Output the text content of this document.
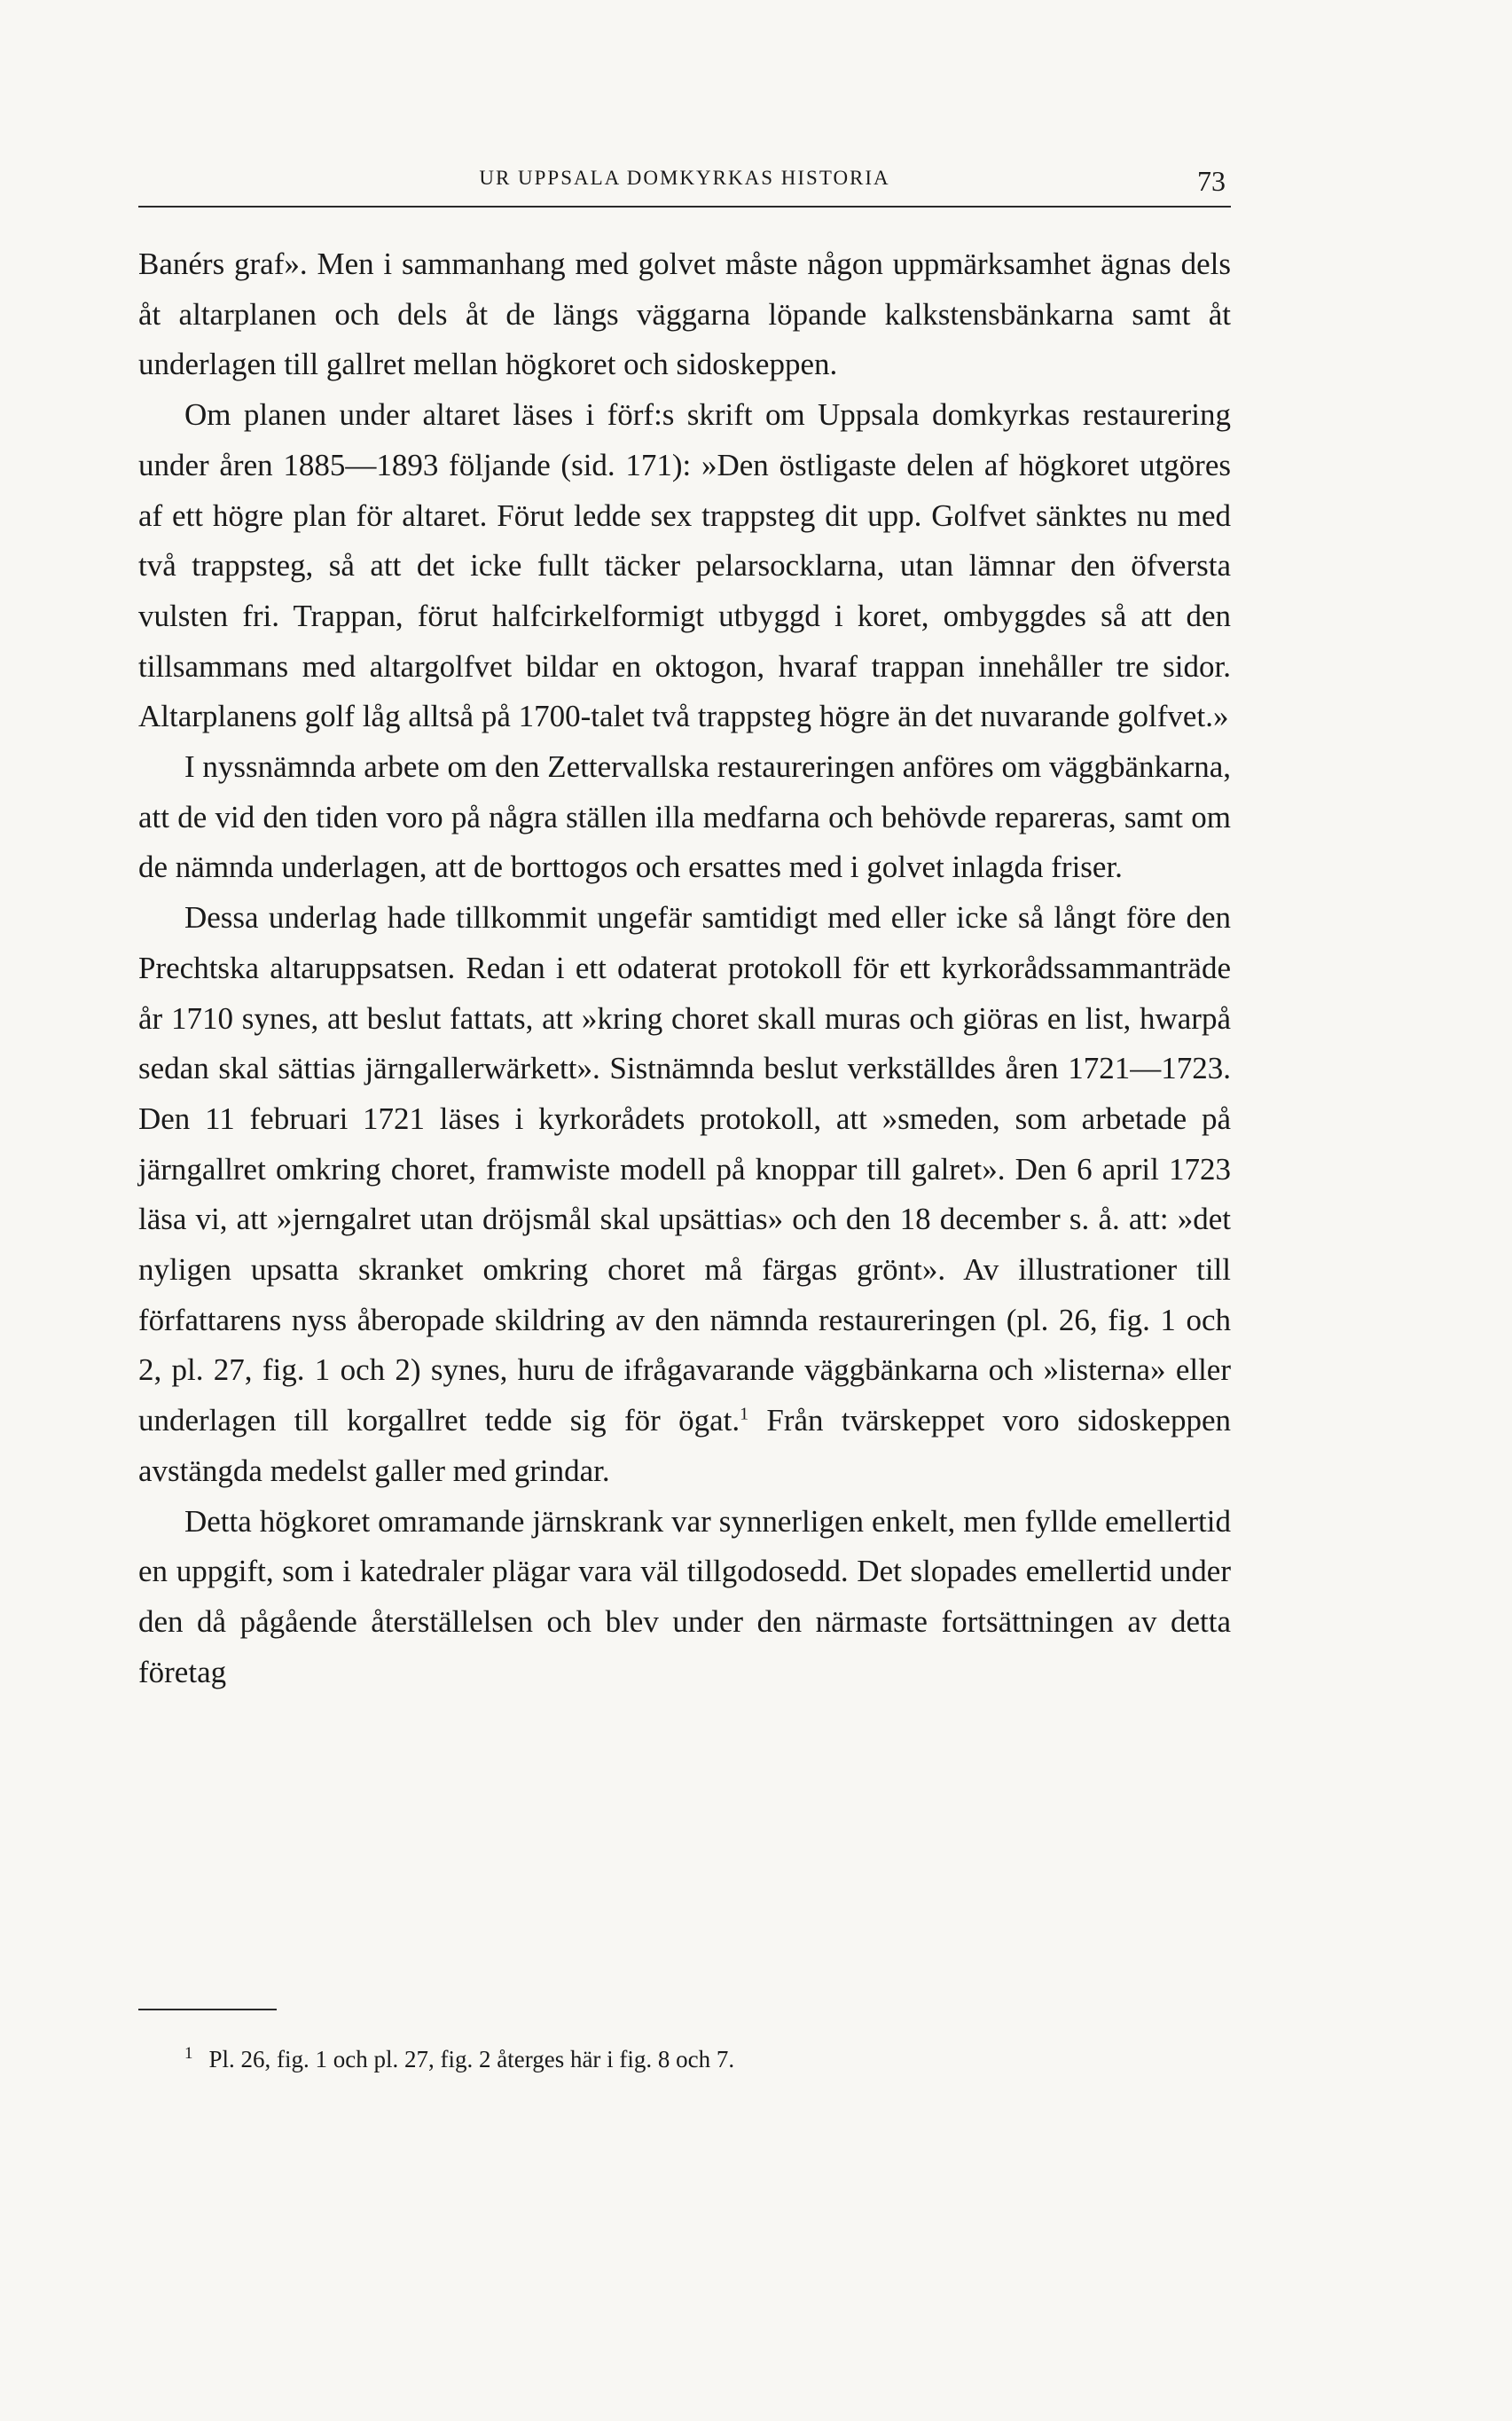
UR UPPSALA DOMKYRKAS HISTORIA	73

Banérs graf». Men i sammanhang med golvet måste någon uppmärksamhet ägnas dels åt altarplanen och dels åt de längs väggarna löpande kalkstensbänkarna samt åt underlagen till gallret mellan högkoret och sidoskeppen.

Om planen under altaret läses i förf:s skrift om Uppsala domkyrkas restaurering under åren 1885—1893 följande (sid. 171): »Den östligaste delen af högkoret utgöres af ett högre plan för altaret. Förut ledde sex trappsteg dit upp. Golfvet sänktes nu med två trappsteg, så att det icke fullt täcker pelarsocklarna, utan lämnar den öfversta vulsten fri. Trappan, förut halfcirkelformigt utbyggd i koret, ombyggdes så att den tillsammans med altargolfvet bildar en oktogon, hvaraf trappan innehåller tre sidor. Altarplanens golf låg alltså på 1700-talet två trappsteg högre än det nuvarande golfvet.»

I nyssnämnda arbete om den Zettervallska restaureringen anföres om väggbänkarna, att de vid den tiden voro på några ställen illa medfarna och behövde repareras, samt om de nämnda underlagen, att de borttogos och ersattes med i golvet inlagda friser.

Dessa underlag hade tillkommit ungefär samtidigt med eller icke så långt före den Prechtska altaruppsatsen. Redan i ett odaterat protokoll för ett kyrkorådssammanträde år 1710 synes, att beslut fattats, att »kring choret skall muras och giöras en list, hwarpå sedan skal sättias järngallerwärkett». Sistnämnda beslut verkställdes åren 1721—1723. Den 11 februari 1721 läses i kyrkorådets protokoll, att »smeden, som arbetade på järngallret omkring choret, framwiste modell på knoppar till galret». Den 6 april 1723 läsa vi, att »jerngalret utan dröjsmål skal upsättias» och den 18 december s. å. att: »det nyligen upsatta skranket omkring choret må färgas grönt». Av illustrationer till författarens nyss åberopade skildring av den nämnda restaureringen (pl. 26, fig. 1 och 2, pl. 27, fig. 1 och 2) synes, huru de ifrågavarande väggbänkarna och »listerna» eller underlagen till korgallret tedde sig för ögat.$^1$ Från tvärskeppet voro sidoskeppen avstängda medelst galler med grindar.

Detta högkoret omramande järnskrank var synnerligen enkelt, men fyllde emellertid en uppgift, som i katedraler plägar vara väl tillgodosedd. Det slopades emellertid under den då pågående återställelsen och blev under den närmaste fortsättningen av detta företag

$^1$ Pl. 26, fig. 1 och pl. 27, fig. 2 återges här i fig. 8 och 7.
